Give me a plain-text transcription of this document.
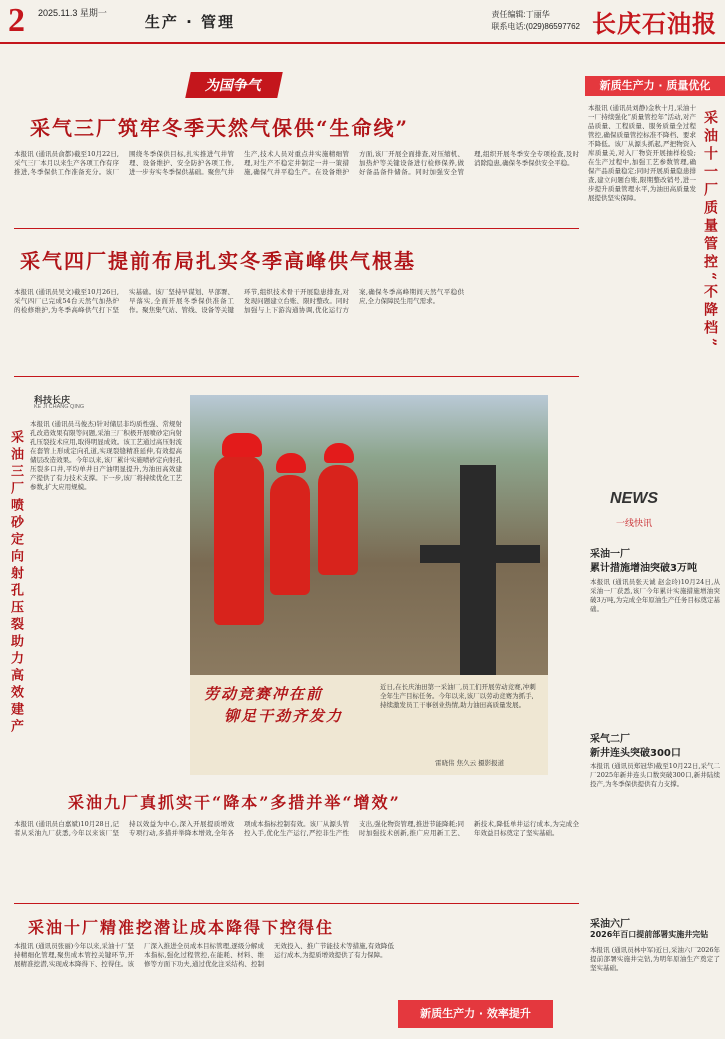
2	2025.11.3 星期一	生产 · 管理	责任编辑:丁丽华
联系电话:(029)86597762 长庆石油报
为国争气
采气三厂筑牢冬季天然气保供“生命线”
本报讯 (通讯员俞都)截至10月22日,采气三厂本月以来生产各项工作有序推进,冬季保供工作准备充分。该厂围绕冬季保供目标,扎实推进气井管理、设备维护、安全防护各项工作,进一步夯实冬季保供基础。聚焦气井生产,技术人员对重点井实施精细管理,对生产不稳定井制定一井一策措施,确保气井平稳生产。在设备维护方面,该厂开展全面排查,对压缩机、加热炉等关键设备进行检修保养,做好备品备件储备。同时加强安全管理,组织开展冬季安全专项检查,及时消除隐患,确保冬季保供安全平稳。
采气四厂提前布局扎实冬季高峰供气根基
本报讯 (通讯员吴文)截至10月26日,采气四厂已完成54台天然气加热炉的检修维护,为冬季高峰供气打下坚实基础。该厂坚持早谋划、早部署、早落实,全面开展冬季保供准备工作。聚焦集气站、管线、设备等关键环节,组织技术骨干开展隐患排查,对发现问题建立台账、限时整改。同时加强与上下游沟通协调,优化运行方案,确保冬季高峰期间天然气平稳供应,全力保障民生用气需求。
科技长庆
KE JI CHANG QING
采油三厂喷砂定向射孔压裂助力高效建产
本报讯 (通讯员马俊杰)针对储层非均质性强、常规射孔改造效果有限等问题,采油三厂积极开展喷砂定向射孔压裂技术应用,取得明显成效。该工艺通过高压射流在套管上形成定向孔道,实现裂缝精准延伸,有效提高储层改造效果。今年以来,该厂累计实施喷砂定向射孔压裂多口井,平均单井日产油明显提升,为油田高效建产提供了有力技术支撑。下一步,该厂将持续优化工艺参数,扩大应用规模。
劳动竞赛冲在前
铆足干劲齐发力
近日,在长庆油田第一采油厂,员工们开展劳动竞赛,冲刺全年生产目标任务。今年以来,该厂以劳动竞赛为抓手,持续激发员工干事创业热情,助力油田高质量发展。
雷晓伟 焦久云 摄影报道
采油九厂真抓实干“降本”多措并举“增效”
本报讯 (通讯员白嘉斌)10月28日,记者从采油九厂获悉,今年以来该厂坚持以效益为中心,深入开展提质增效专项行动,多措并举降本增效,全年各项成本指标控制有效。该厂从源头管控入手,优化生产运行,严控非生产性支出,强化物资管理,推进节能降耗;同时加强技术创新,推广应用新工艺、新技术,降低单井运行成本,为完成全年效益目标奠定了坚实基础。
采油十厂精准挖潜让成本降得下控得住
本报讯 (通讯员张丽)今年以来,采油十厂坚持精细化管理,聚焦成本管控关键环节,开展精准挖潜,实现成本降得下、控得住。该厂深入推进全员成本目标管理,逐级分解成本指标,强化过程管控,在能耗、材料、维修等方面下功夫,通过优化注采结构、控制无效投入、推广节能技术等措施,有效降低运行成本,为提质增效提供了有力保障。
新质生产力 · 效率提升
新质生产力 · 质量优化
采油十一厂质量管控“不降档”
本报讯 (通讯员刘静)金秋十月,采油十一厂持续强化“质量管控年”活动,对产品质量、工程质量、服务质量全过程管控,确保质量管控标准不降档、要求不降低。该厂从源头抓起,严把物资入库质量关,对入厂物资开展抽样检验;在生产过程中,加强工艺参数管理,确保产品质量稳定;同时开展质量隐患排查,建立问题台账,限期整改销号,进一步提升质量管理水平,为油田高质量发展提供坚实保障。
NEWS
一线快讯
采油一厂
累计措施增油突破3万吨
本报讯 (通讯员张天诚 赵金玲)10月24日,从采油一厂获悉,该厂今年累计实施措施增油突破3万吨,为完成全年原油生产任务目标奠定基础。
采气二厂
新井连头突破300口
本报讯 (通讯员郑冠华)截至10月22日,采气二厂2025年新井连头口数突破300口,新井陆续投产,为冬季保供提供有力支撑。
采油六厂
2026年百口提前部署实施井完钻
本报讯 (通讯员林中军)近日,采油六厂2026年提前部署实施井完钻,为明年原油生产奠定了坚实基础。
